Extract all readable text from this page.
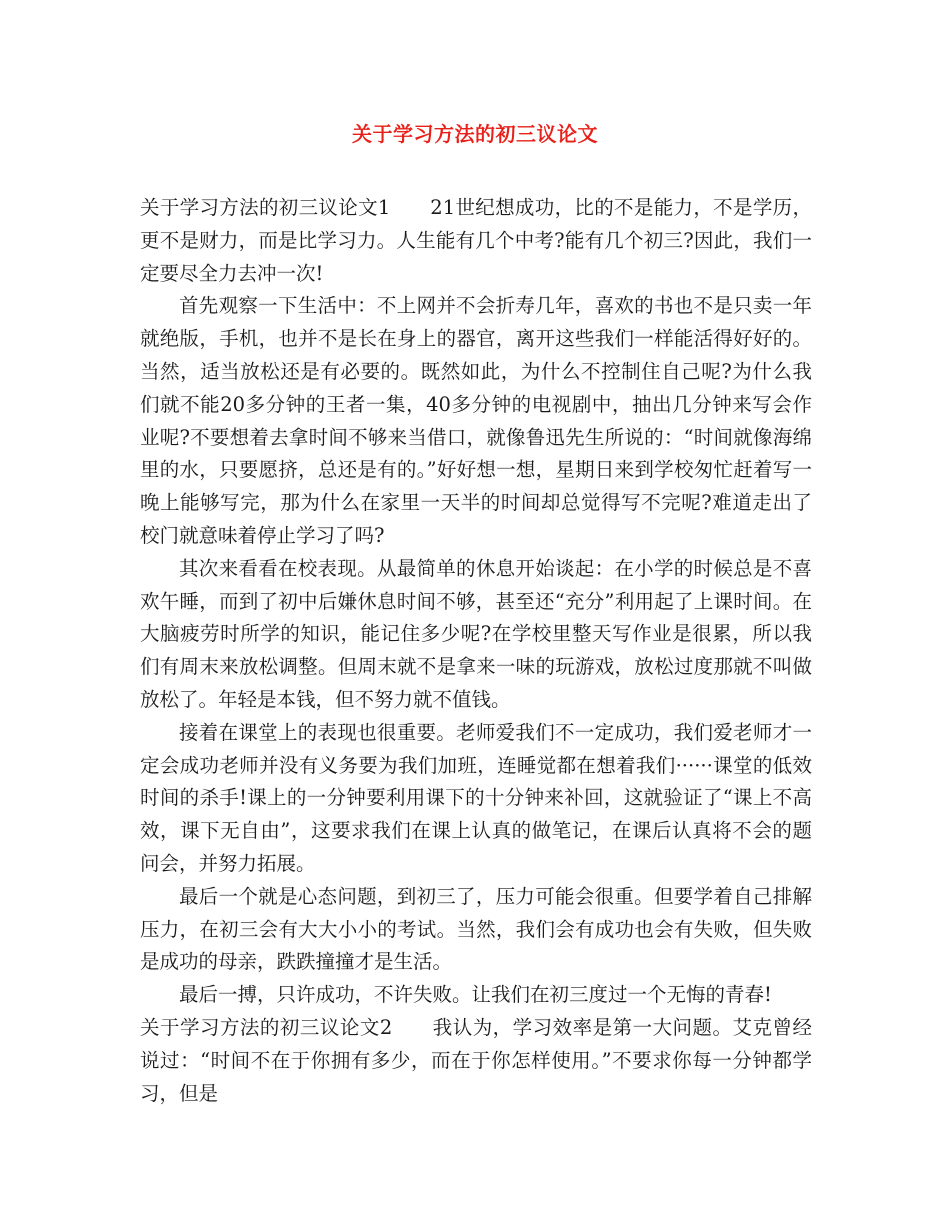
关于学习方法的初三议论文

关于学习方法的初三议论文1　　21世纪想成功，比的不是能力，不是学历，更不是财力，而是比学习力。人生能有几个中考?能有几个初三?因此，我们一定要尽全力去冲一次!

首先观察一下生活中：不上网并不会折寿几年，喜欢的书也不是只卖一年就绝版，手机，也并不是长在身上的器官，离开这些我们一样能活得好好的。当然，适当放松还是有必要的。既然如此，为什么不控制住自己呢?为什么我们就不能20多分钟的王者一集，40多分钟的电视剧中，抽出几分钟来写会作业呢?不要想着去拿时间不够来当借口，就像鲁迅先生所说的：“时间就像海绵里的水，只要愿挤，总还是有的。”好好想一想，星期日来到学校匆忙赶着写一晚上能够写完，那为什么在家里一天半的时间却总觉得写不完呢?难道走出了校门就意味着停止学习了吗?

其次来看看在校表现。从最简单的休息开始谈起：在小学的时候总是不喜欢午睡，而到了初中后嫌休息时间不够，甚至还“充分”利用起了上课时间。在大脑疲劳时所学的知识，能记住多少呢?在学校里整天写作业是很累，所以我们有周末来放松调整。但周末就不是拿来一味的玩游戏，放松过度那就不叫做放松了。年轻是本钱，但不努力就不值钱。

接着在课堂上的表现也很重要。老师爱我们不一定成功，我们爱老师才一定会成功老师并没有义务要为我们加班，连睡觉都在想着我们······课堂的低效时间的杀手!课上的一分钟要利用课下的十分钟来补回，这就验证了“课上不高效，课下无自由”，这要求我们在课上认真的做笔记，在课后认真将不会的题问会，并努力拓展。

最后一个就是心态问题，到初三了，压力可能会很重。但要学着自己排解压力，在初三会有大大小小的考试。当然，我们会有成功也会有失败，但失败是成功的母亲，跌跌撞撞才是生活。

最后一搏，只许成功，不许失败。让我们在初三度过一个无悔的青春!

关于学习方法的初三议论文2　　我认为，学习效率是第一大问题。艾克曾经说过：“时间不在于你拥有多少，而在于你怎样使用。”不要求你每一分钟都学习，但是
